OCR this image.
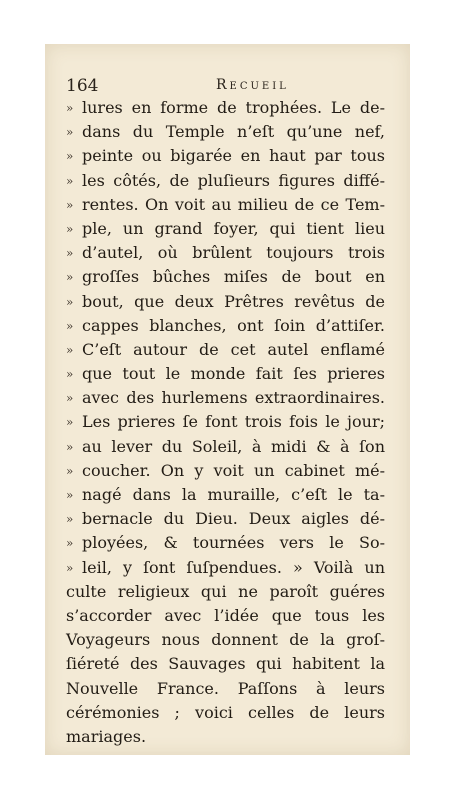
164	Recueil
» lures en forme de trophées. Le de-
» dans du Temple n’eſt qu’une nef,
» peinte ou bigarée en haut par tous
» les côtés, de pluſieurs figures diffé-
» rentes. On voit au milieu de ce Tem-
» ple, un grand foyer, qui tient lieu
» d’autel, où brûlent toujours trois
» groſſes bûches miſes de bout en
» bout, que deux Prêtres revêtus de
» cappes blanches, ont ſoin d’attiſer.
» C’eſt autour de cet autel enflamé
» que tout le monde fait ſes prieres
» avec des hurlemens extraordinaires.
» Les prieres ſe font trois fois le jour;
» au lever du Soleil, à midi & à ſon
» coucher. On y voit un cabinet mé-
» nagé dans la muraille, c’eſt le ta-
» bernacle du Dieu. Deux aigles dé-
» ployées, & tournées vers le So-
» leil, y ſont ſuſpendues. » Voilà un
culte religieux qui ne paroît guéres
s’accorder avec l’idée que tous les
Voyageurs nous donnent de la groſ-
ſiéreté des Sauvages qui habitent la
Nouvelle France. Paſſons à leurs
cérémonies ; voici celles de leurs
mariages.
